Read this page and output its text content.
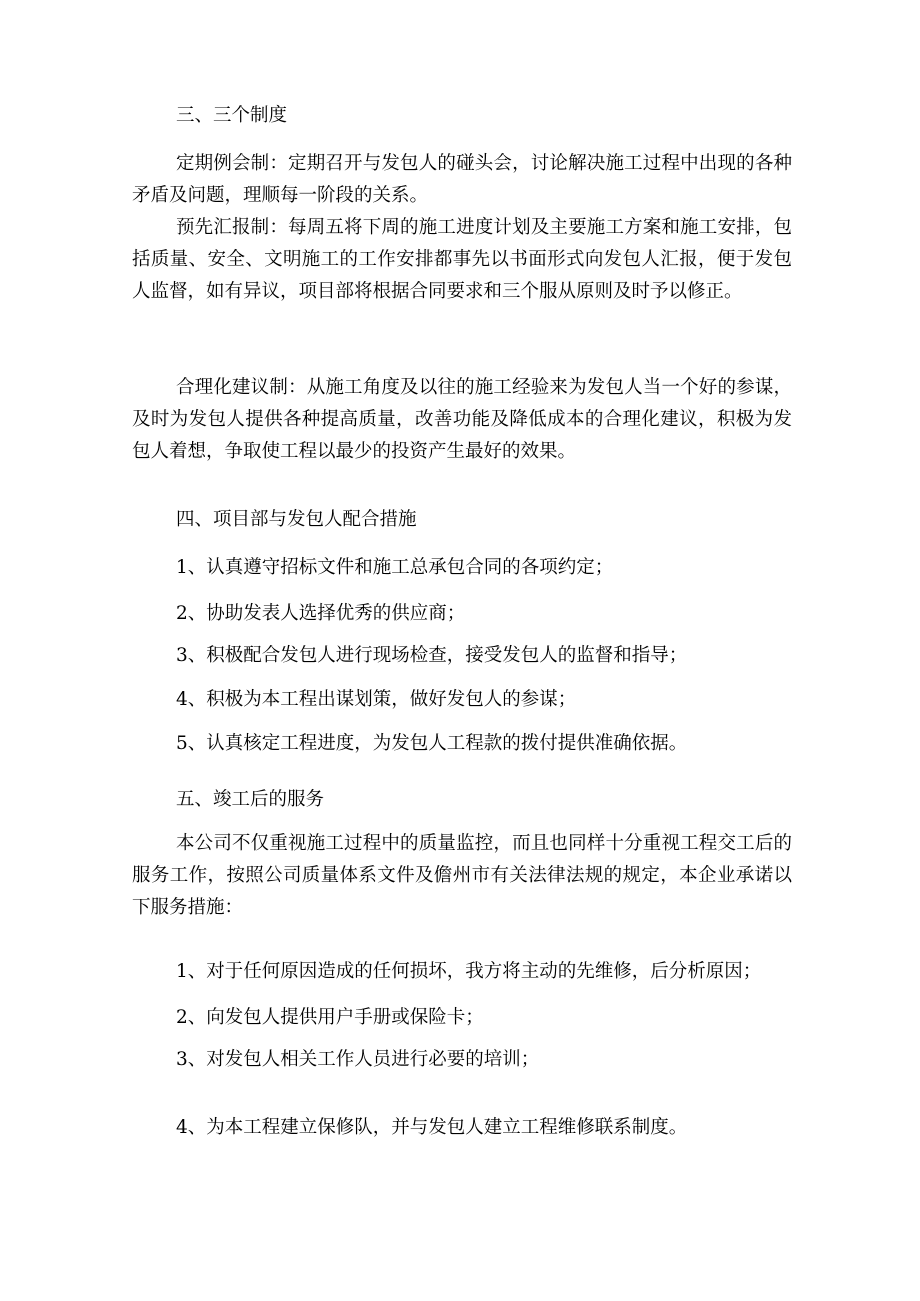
三、三个制度

定期例会制：定期召开与发包人的碰头会，讨论解决施工过程中出现的各种矛盾及问题，理顺每一阶段的关系。

预先汇报制：每周五将下周的施工进度计划及主要施工方案和施工安排，包括质量、安全、文明施工的工作安排都事先以书面形式向发包人汇报，便于发包人监督，如有异议，项目部将根据合同要求和三个服从原则及时予以修正。

合理化建议制：从施工角度及以往的施工经验来为发包人当一个好的参谋，及时为发包人提供各种提高质量，改善功能及降低成本的合理化建议，积极为发包人着想，争取使工程以最少的投资产生最好的效果。

四、项目部与发包人配合措施

1、认真遵守招标文件和施工总承包合同的各项约定；

2、协助发表人选择优秀的供应商；

3、积极配合发包人进行现场检查，接受发包人的监督和指导；

4、积极为本工程出谋划策，做好发包人的参谋；

5、认真核定工程进度，为发包人工程款的拨付提供准确依据。

五、竣工后的服务

本公司不仅重视施工过程中的质量监控，而且也同样十分重视工程交工后的服务工作，按照公司质量体系文件及儋州市有关法律法规的规定，本企业承诺以下服务措施：

1、对于任何原因造成的任何损坏，我方将主动的先维修，后分析原因；

2、向发包人提供用户手册或保险卡；

3、对发包人相关工作人员进行必要的培训；

4、为本工程建立保修队，并与发包人建立工程维修联系制度。
